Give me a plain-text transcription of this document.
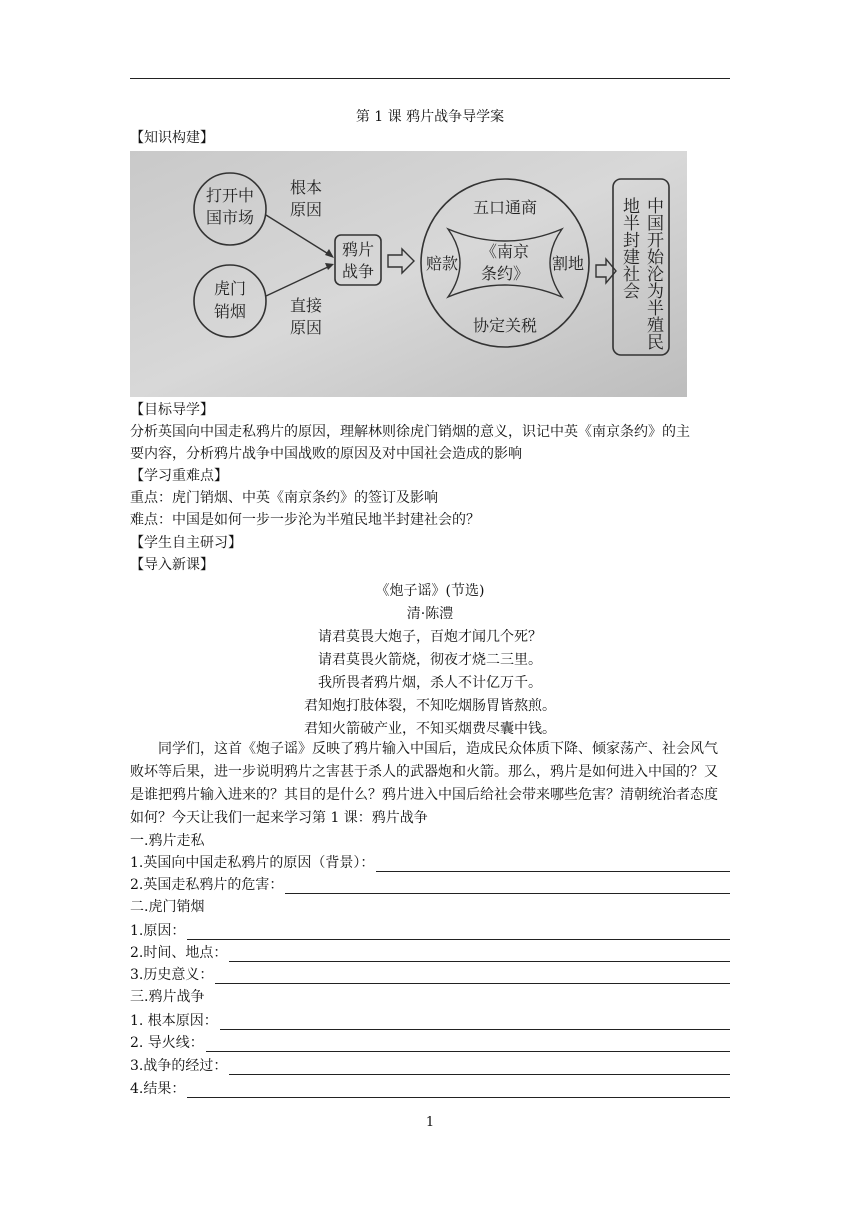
第 1 课 鸦片战争导学案
【知识构建】
打开中
国市场
虎门
销烟
根本
原因
直接
原因
鸦片
战争
五口通商
赔款
《南京
条约》
割地
协定关税	中国开始沦为半殖民
地半封建社会
【目标导学】
分析英国向中国走私鸦片的原因，理解林则徐虎门销烟的意义，识记中英《南京条约》的主
要内容，分析鸦片战争中国战败的原因及对中国社会造成的影响
【学习重难点】
重点：虎门销烟、中英《南京条约》的签订及影响
难点：中国是如何一步一步沦为半殖民地半封建社会的？
【学生自主研习】
【导入新课】
《炮子谣》(节选)
清·陈澧
请君莫畏大炮子，百炮才闻几个死？
请君莫畏火箭烧，彻夜才烧二三里。
我所畏者鸦片烟，杀人不计亿万千。
君知炮打肢体裂，不知吃烟肠胃皆熬煎。
君知火箭破产业，不知买烟费尽囊中钱。
同学们，这首《炮子谣》反映了鸦片输入中国后，造成民众体质下降、倾家荡产、社会风气败坏等后果，进一步说明鸦片之害甚于杀人的武器炮和火箭。那么，鸦片是如何进入中国的？又是谁把鸦片输入进来的？其目的是什么？鸦片进入中国后给社会带来哪些危害？清朝统治者态度如何？今天让我们一起来学习第 1 课：鸦片战争
一.鸦片走私
1.英国向中国走私鸦片的原因（背景）：
2.英国走私鸦片的危害：
二.虎门销烟
1.原因：
2.时间、地点：
3.历史意义：
三.鸦片战争
1. 根本原因：
2. 导火线：
3.战争的经过：
4.结果：
1
